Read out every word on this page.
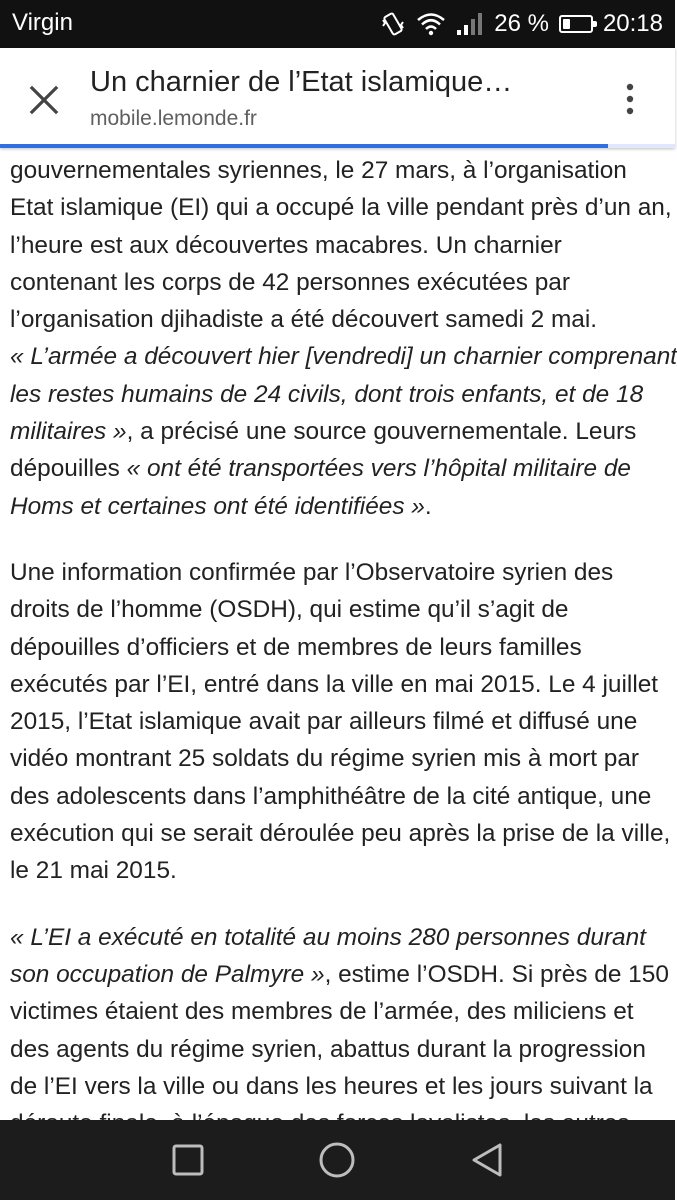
Virgin	26 % 20:18
Un charnier de l’Etat islamique…
mobile.lemonde.fr

gouvernementales syriennes, le 27 mars, à l’organisation

Etat islamique (EI) qui a occupé la ville pendant près d’un an,

l’heure est aux découvertes macabres. Un charnier

contenant les corps de 42 personnes exécutées par

l’organisation djihadiste a été découvert samedi 2 mai.

« L’armée a découvert hier [vendredi] un charnier comprenant

les restes humains de 24 civils, dont trois enfants, et de 18

militaires », a précisé une source gouvernementale. Leurs

dépouilles « ont été transportées vers l’hôpital militaire de

Homs et certaines ont été identifiées ».

Une information confirmée par l’Observatoire syrien des

droits de l’homme (OSDH), qui estime qu’il s’agit de

dépouilles d’officiers et de membres de leurs familles

exécutés par l’EI, entré dans la ville en mai 2015. Le 4 juillet

2015, l’Etat islamique avait par ailleurs filmé et diffusé une

vidéo montrant 25 soldats du régime syrien mis à mort par

des adolescents dans l’amphithéâtre de la cité antique, une

exécution qui se serait déroulée peu après la prise de la ville,

le 21 mai 2015.

« L’EI a exécuté en totalité au moins 280 personnes durant

son occupation de Palmyre », estime l’OSDH. Si près de 150

victimes étaient des membres de l’armée, des miliciens et

des agents du régime syrien, abattus durant la progression

de l’EI vers la ville ou dans les heures et les jours suivant la
